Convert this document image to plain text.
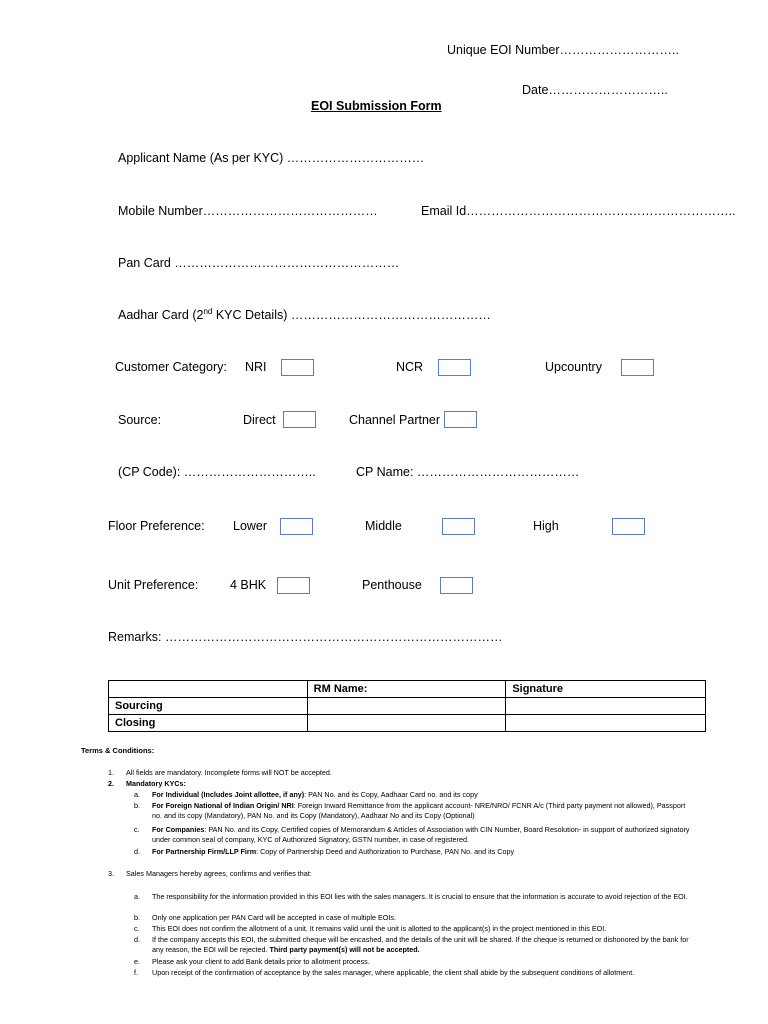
Unique EOI Number………………………..
Date………………………..
EOI Submission Form
Applicant Name (As per KYC) ……………………………
Mobile Number……………………………………	Email Id………………………………………………………..
Pan Card ………………………………………………
Aadhar Card (2nd KYC Details) …………………………………………
Customer Category: NRI	NCR	Upcountry
Source:	Direct	Channel Partner
(CP Code): …………………………..	CP Name: …………………………………
Floor Preference: Lower	Middle	High
Unit Preference:	4 BHK	Penthouse
Remarks: ………………………………………………………………………
	RM Name:	Signature
Sourcing		
Closing		
Terms & Conditions:
1. All fields are mandatory. Incomplete forms will NOT be accepted.
2. Mandatory KYCs:
a. For Individual (Includes Joint allottee, if any): PAN No. and its Copy, Aadhaar Card no. and its copy
b. For Foreign National of Indian Origin/ NRI: Foreign Inward Remittance from the applicant account- NRE/NRO/ FCNR A/c (Third party payment not allowed), Passport no. and its copy (Mandatory), PAN No. and its Copy (Mandatory), Aadhaar No and its Copy (Optional)
c. For Companies: PAN No. and its Copy, Certified copies of Memorandum & Articles of Association with CIN Number, Board Resolution- in support of authorized signatory under common seal of company, KYC of Authorized Signatory, GSTN number, in case of registered.
d. For Partnership Firm/LLP Firm: Copy of Partnership Deed and Authorization to Purchase, PAN No. and its Copy
3. Sales Managers hereby agrees, confirms and verifies that:
a. The responsibility for the information provided in this EOI lies with the sales managers. It is crucial to ensure that the information is accurate to avoid rejection of the EOI.
b. Only one application per PAN Card will be accepted in case of multiple EOIs.
c. This EOI does not confirm the allotment of a unit. It remains valid until the unit is allotted to the applicant(s) in the project mentioned in this EOI.
d. If the company accepts this EOI, the submitted cheque will be encashed, and the details of the unit will be shared. If the cheque is returned or dishonored by the bank for any reason, the EOI will be rejected. Third party payment(s) will not be accepted.
e. Please ask your client to add Bank details prior to allotment process.
f. Upon receipt of the confirmation of acceptance by the sales manager, where applicable, the client shall abide by the subsequent conditions of allotment.
